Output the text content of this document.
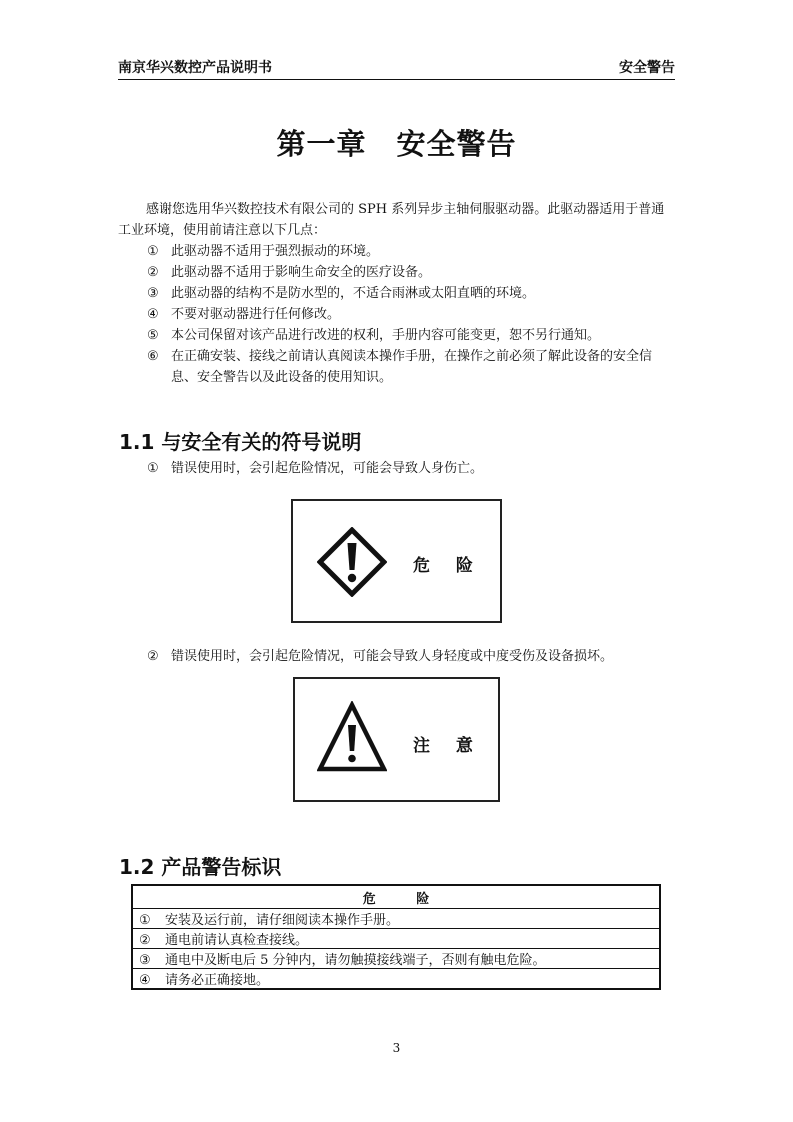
南京华兴数控产品说明书	安全警告
第一章　安全警告

感谢您选用华兴数控技术有限公司的 SPH 系列异步主轴伺服驱动器。此驱动器适用于普通工业环境，使用前请注意以下几点：

① 此驱动器不适用于强烈振动的环境。
② 此驱动器不适用于影响生命安全的医疗设备。
③ 此驱动器的结构不是防水型的，不适合雨淋或太阳直晒的环境。
④ 不要对驱动器进行任何修改。
⑤ 本公司保留对该产品进行改进的权利，手册内容可能变更，恕不另行通知。
⑥ 在正确安装、接线之前请认真阅读本操作手册，在操作之前必须了解此设备的安全信息、安全警告以及此设备的使用知识。
1.1 与安全有关的符号说明
① 错误使用时，会引起危险情况，可能会导致人身伤亡。
危 险
② 错误使用时，会引起危险情况，可能会导致人身轻度或中度受伤及设备损坏。
注 意
1.2 产品警告标识
危 险
① 安装及运行前，请仔细阅读本操作手册。
② 通电前请认真检查接线。
③ 通电中及断电后 5 分钟内，请勿触摸接线端子，否则有触电危险。
④ 请务必正确接地。
3
